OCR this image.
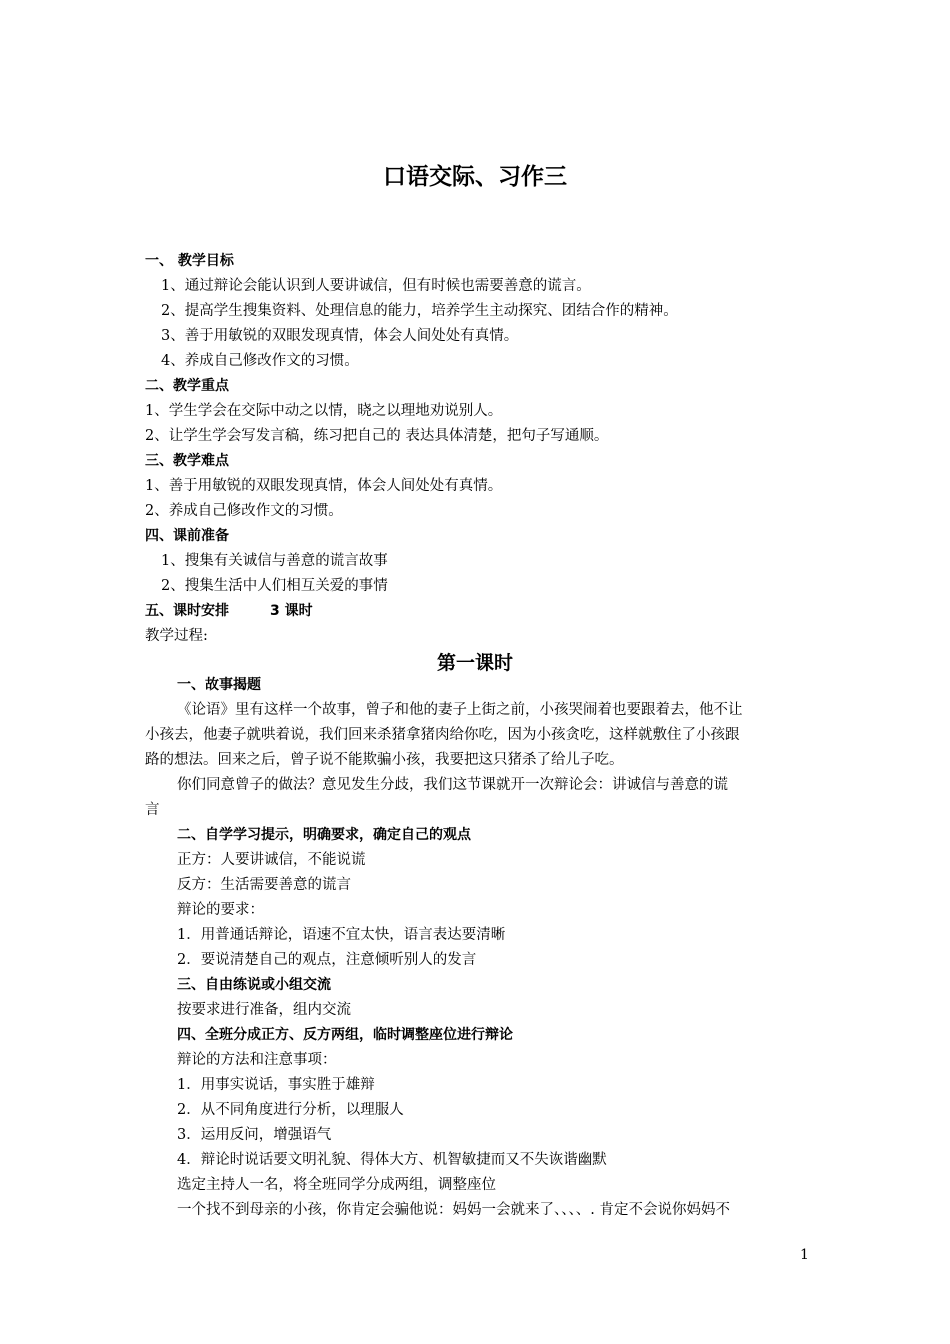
口语交际、习作三
一、 教学目标
1、通过辩论会能认识到人要讲诚信，但有时候也需要善意的谎言。
2、提高学生搜集资料、处理信息的能力，培养学生主动探究、团结合作的精神。
3、善于用敏锐的双眼发现真情，体会人间处处有真情。
4、养成自己修改作文的习惯。
二、教学重点
1、学生学会在交际中动之以情，晓之以理地劝说别人。
2、让学生学会写发言稿，练习把自己的 表达具体清楚，把句子写通顺。
三、教学难点
1、善于用敏锐的双眼发现真情，体会人间处处有真情。
2、养成自己修改作文的习惯。
四、课前准备
1、搜集有关诚信与善意的谎言故事
2、搜集生活中人们相互关爱的事情
五、课时安排	3 课时
教学过程:
第一课时
一、故事揭题
《论语》里有这样一个故事，曾子和他的妻子上街之前，小孩哭闹着也要跟着去，他不让
小孩去，他妻子就哄着说，我们回来杀猪拿猪肉给你吃，因为小孩贪吃，这样就敷住了小孩跟
路的想法。回来之后，曾子说不能欺骗小孩，我要把这只猪杀了给儿子吃。
你们同意曾子的做法？意见发生分歧，我们这节课就开一次辩论会：讲诚信与善意的谎
言
二、自学学习提示，明确要求，确定自己的观点
正方：人要讲诚信，不能说谎
反方：生活需要善意的谎言
辩论的要求：
1．用普通话辩论，语速不宜太快，语言表达要清晰
2．要说清楚自己的观点，注意倾听别人的发言
三、自由练说或小组交流
按要求进行准备，组内交流
四、全班分成正方、反方两组，临时调整座位进行辩论
辩论的方法和注意事项：
1．用事实说话，事实胜于雄辩
2．从不同角度进行分析，以理服人
3．运用反问，增强语气
4．辩论时说话要文明礼貌、得体大方、机智敏捷而又不失诙谐幽默
选定主持人一名，将全班同学分成两组，调整座位
一个找不到母亲的小孩，你肯定会骗他说：妈妈一会就来了、、、、. 肯定不会说你妈妈不
1
